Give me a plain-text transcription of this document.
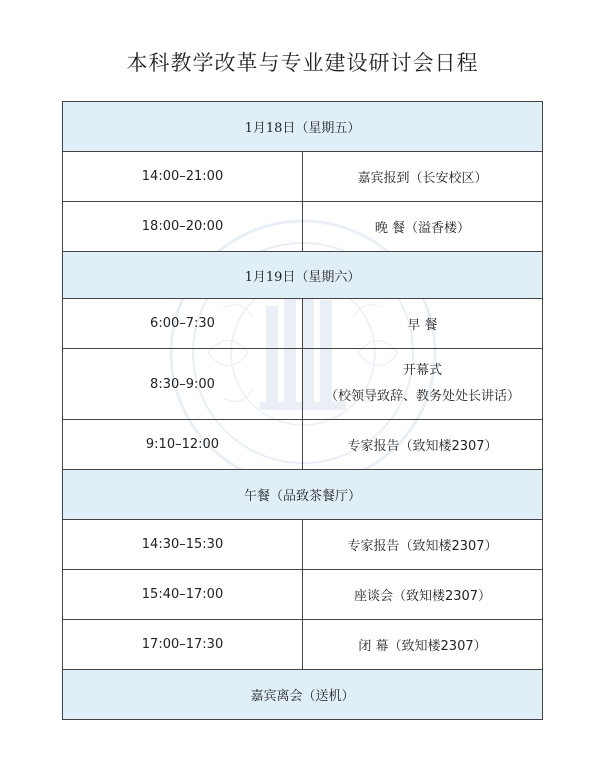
本科教学改革与专业建设研讨会日程
1月18日（星期五）	
14:00–21:00	嘉宾报到（长安校区）
18:00–20:00	晚 餐（溢香楼）
1月19日（星期六）	
6:00–7:30	早 餐
8:30–9:00	开幕式
（校领导致辞、教务处处长讲话）

9:10–12:00	专家报告（致知楼2307）
午餐（品致茶餐厅）	
14:30–15:30	专家报告（致知楼2307）
15:40–17:00	座谈会（致知楼2307）
17:00–17:30	闭 幕（致知楼2307）
嘉宾离会（送机）	
